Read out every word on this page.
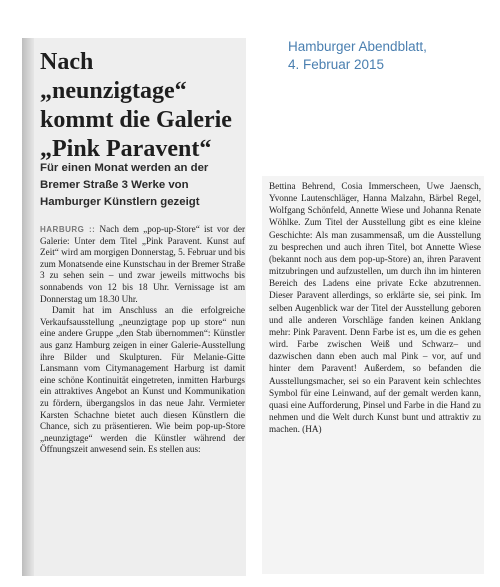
Nach „neunzigtage“ kommt die Galerie „Pink Paravent“
Für einen Monat werden an der Bremer Straße 3 Werke von Hamburger Künstlern gezeigt

HARBURG :: Nach dem „pop-up-Store“ ist vor der Galerie: Unter dem Titel „Pink Paravent. Kunst auf Zeit“ wird am morgigen Donnerstag, 5. Februar und bis zum Monatsende eine Kunstschau in der Bremer Straße 3 zu sehen sein – und zwar jeweils mittwochs bis sonnabends von 12 bis 18 Uhr. Vernissage ist am Donnerstag um 18.30 Uhr.

Damit hat im Anschluss an die erfolgreiche Verkaufsausstellung „neunzigtage pop up store“ nun eine andere Gruppe „den Stab übernommen“: Künstler aus ganz Hamburg zeigen in einer Galerie-Ausstellung ihre Bilder und Skulpturen. Für Melanie-Gitte Lansmann vom Citymanagement Harburg ist damit eine schöne Kontinuität eingetreten, inmitten Harburgs ein attraktives Angebot an Kunst und Kommunikation zu fördern, übergangslos in das neue Jahr. Vermieter Karsten Schachne bietet auch diesen Künstlern die Chance, sich zu präsentieren. Wie beim pop-up-Store „neunzigtage“ werden die Künstler während der Öffnungszeit anwesend sein. Es stellen aus:

Hamburger Abendblatt,
4. Februar 2015

Bettina Behrend, Cosia Immerscheen, Uwe Jaensch, Yvonne Lautenschläger, Hanna Malzahn, Bärbel Regel, Wolfgang Schönfeld, Annette Wiese und Johanna Renate Wöhlke. Zum Titel der Ausstellung gibt es eine kleine Geschichte: Als man zusammensaß, um die Ausstellung zu besprechen und auch ihren Titel, bot Annette Wiese (bekannt noch aus dem pop-up-Store) an, ihren Paravent mitzubringen und aufzustellen, um durch ihn im hinteren Bereich des Ladens eine private Ecke abzutrennen. Dieser Paravent allerdings, so erklärte sie, sei pink. Im selben Augenblick war der Titel der Ausstellung geboren und alle anderen Vorschläge fanden keinen Anklang mehr: Pink Paravent. Denn Farbe ist es, um die es gehen wird. Farbe zwischen Weiß und Schwarz– und dazwischen dann eben auch mal Pink – vor, auf und hinter dem Paravent! Außerdem, so befanden die Ausstellungsmacher, sei so ein Paravent kein schlechtes Symbol für eine Leinwand, auf der gemalt werden kann, quasi eine Aufforderung, Pinsel und Farbe in die Hand zu nehmen und die Welt durch Kunst bunt und attraktiv zu machen. (HA)
